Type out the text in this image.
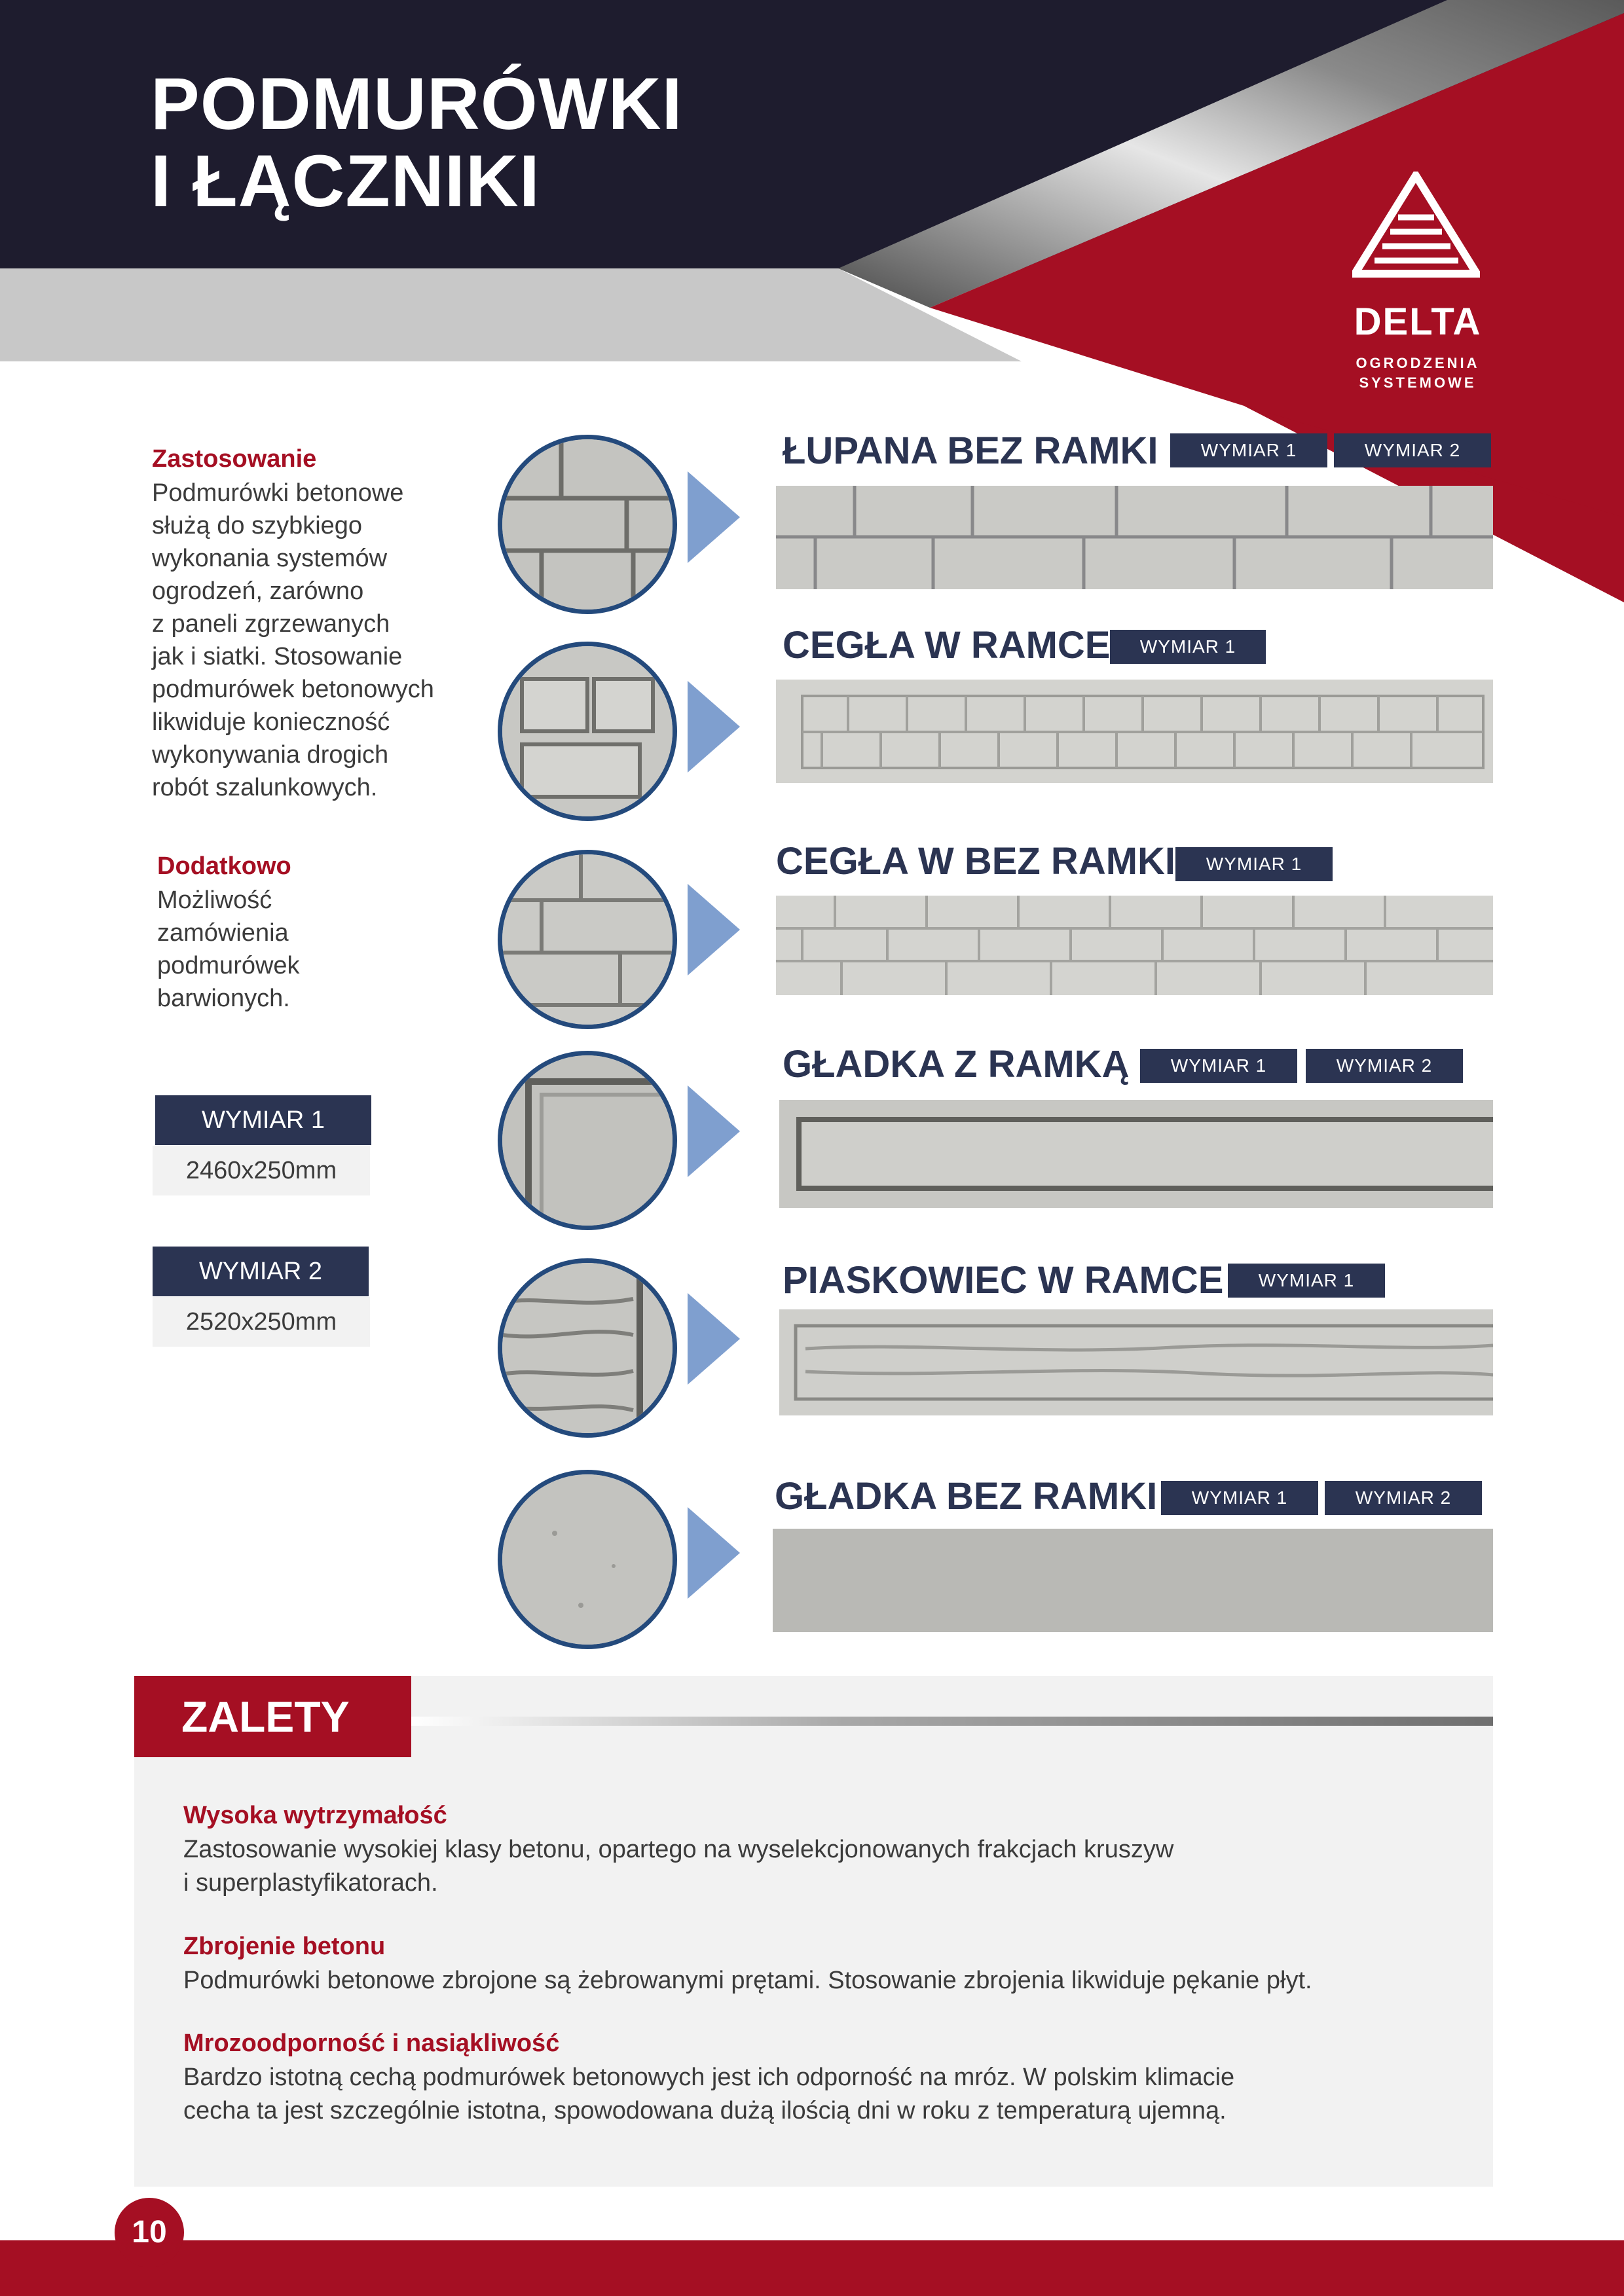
PODMURÓWKI
I ŁĄCZNIKI
DELTA
OGRODZENIA
SYSTEMOWE
Zastosowanie
Podmurówki betonowe
służą do szybkiego
wykonania systemów
ogrodzeń, zarówno
z paneli zgrzewanych
jak i siatki. Stosowanie
podmurówek betonowych
likwiduje konieczność
wykonywania drogich
robót szalunkowych.
Dodatkowo
Możliwość
zamówienia
podmurówek
barwionych.
WYMIAR 1
2460x250mm
WYMIAR 2
2520x250mm
ŁUPANA BEZ RAMKI	WYMIAR 1	WYMIAR 2
CEGŁA W RAMCE	WYMIAR 1
CEGŁA W BEZ RAMKI	WYMIAR 1
GŁADKA Z RAMKĄ	WYMIAR 1	WYMIAR 2
PIASKOWIEC W RAMCE	WYMIAR 1
GŁADKA BEZ RAMKI	WYMIAR 1	WYMIAR 2
ZALETY
Wysoka wytrzymałość
Zastosowanie wysokiej klasy betonu, opartego na wyselekcjonowanych frakcjach kruszyw
i superplastyfikatorach.
Zbrojenie betonu
Podmurówki betonowe zbrojone są żebrowanymi prętami. Stosowanie zbrojenia likwiduje pękanie płyt.
Mrozoodporność i nasiąkliwość
Bardzo istotną cechą podmurówek betonowych jest ich odporność na mróz. W polskim klimacie
cecha ta jest szczególnie istotna, spowodowana dużą ilością dni w roku z temperaturą ujemną.
10
